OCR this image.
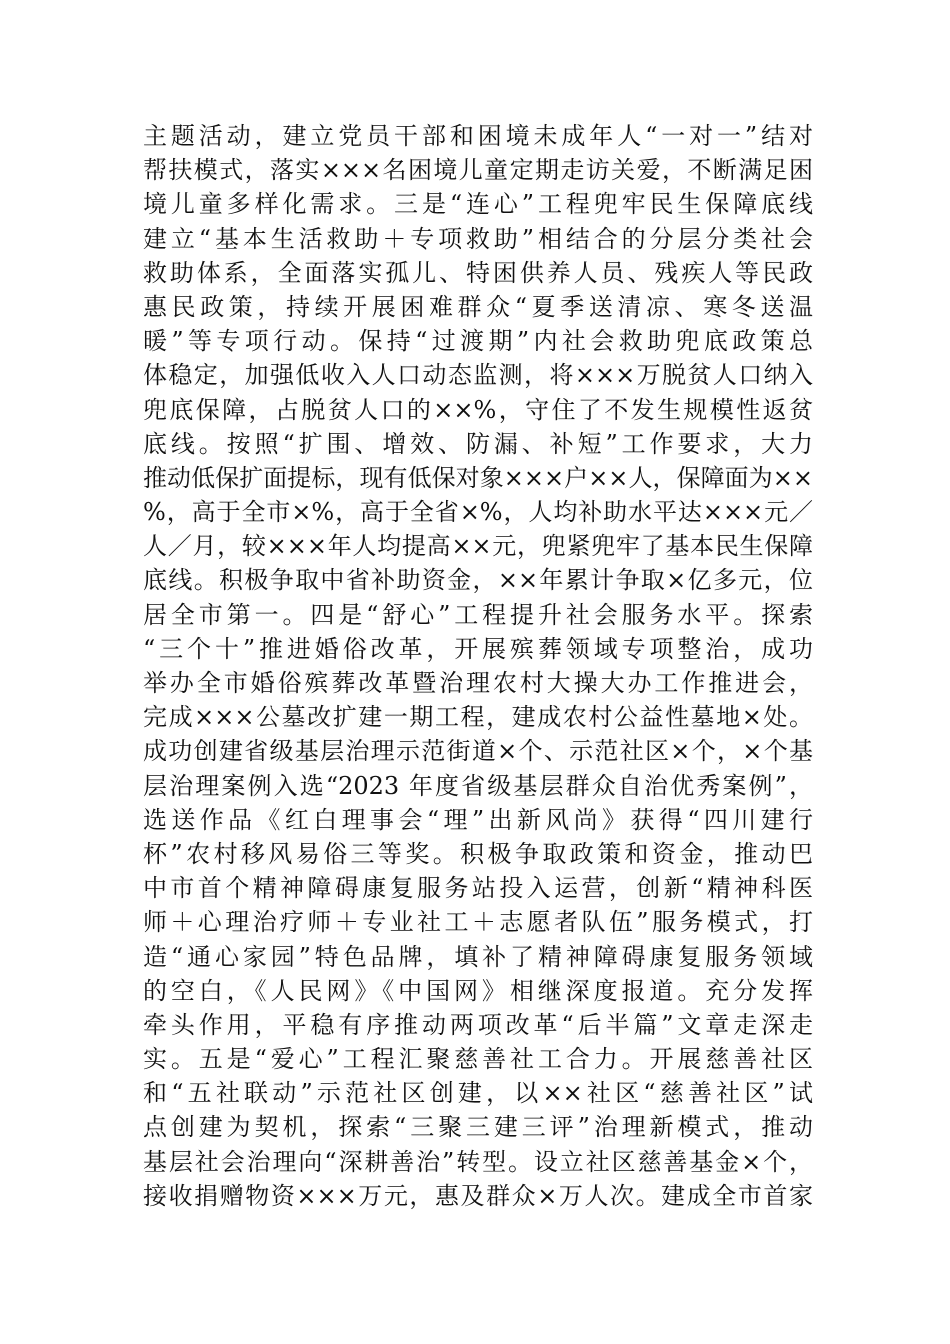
主题活动，建立党员干部和困境未成年人“一对一”结对
帮扶模式，落实×××名困境儿童定期走访关爱，不断满足困
境儿童多样化需求。三是“连心”工程兜牢民生保障底线
建立“基本生活救助＋专项救助”相结合的分层分类社会
救助体系，全面落实孤儿、特困供养人员、残疾人等民政
惠民政策，持续开展困难群众“夏季送清凉、寒冬送温
暖”等专项行动。保持“过渡期”内社会救助兜底政策总
体稳定，加强低收入人口动态监测，将×××万脱贫人口纳入
兜底保障，占脱贫人口的××%，守住了不发生规模性返贫
底线。按照“扩围、增效、防漏、补短”工作要求，大力
推动低保扩面提标，现有低保对象×××户××人，保障面为××
%，高于全市×%，高于全省×%，人均补助水平达×××元／
人／月，较×××年人均提高××元，兜紧兜牢了基本民生保障
底线。积极争取中省补助资金，××年累计争取×亿多元，位
居全市第一。四是“舒心”工程提升社会服务水平。探索
“三个十”推进婚俗改革，开展殡葬领域专项整治，成功
举办全市婚俗殡葬改革暨治理农村大操大办工作推进会，
完成×××公墓改扩建一期工程，建成农村公益性墓地×处。
成功创建省级基层治理示范街道×个、示范社区×个，×个基
层治理案例入选“2023 年度省级基层群众自治优秀案例”，
选送作品《红白理事会“理”出新风尚》获得“四川建行
杯”农村移风易俗三等奖。积极争取政策和资金，推动巴
中市首个精神障碍康复服务站投入运营，创新“精神科医
师＋心理治疗师＋专业社工＋志愿者队伍”服务模式，打
造“通心家园”特色品牌，填补了精神障碍康复服务领域
的空白，《人民网》《中国网》相继深度报道。充分发挥
牵头作用，平稳有序推动两项改革“后半篇”文章走深走
实。五是“爱心”工程汇聚慈善社工合力。开展慈善社区
和“五社联动”示范社区创建，以××社区“慈善社区”试
点创建为契机，探索“三聚三建三评”治理新模式，推动
基层社会治理向“深耕善治”转型。设立社区慈善基金×个，
接收捐赠物资×××万元，惠及群众×万人次。建成全市首家
